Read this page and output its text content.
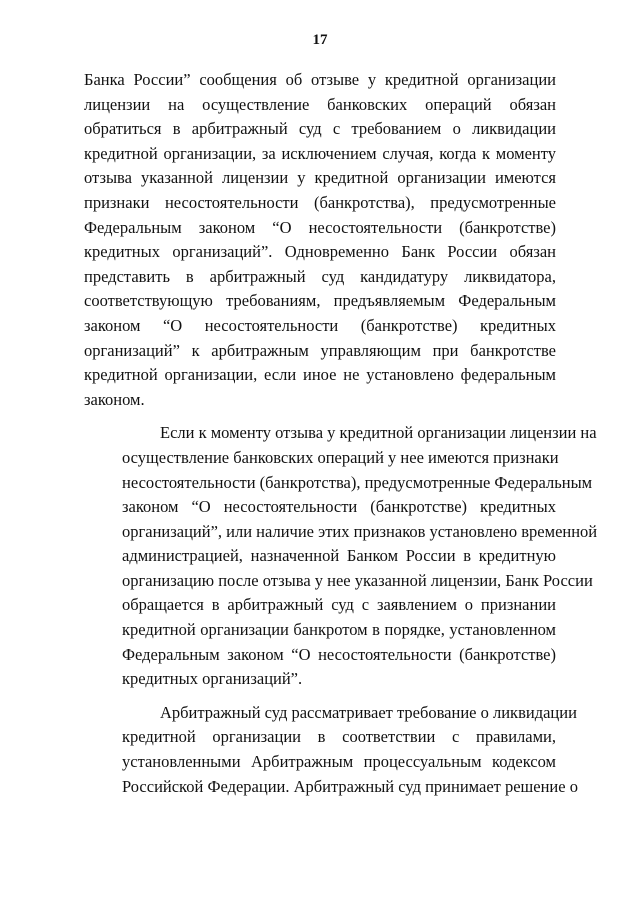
17
Банка России” сообщения об отзыве у кредитной организации
лицензии на осуществление банковских операций обязан
обратиться в арбитражный суд с требованием о ликвидации
кредитной организации, за исключением случая, когда к моменту
отзыва указанной лицензии у кредитной организации имеются
признаки несостоятельности (банкротства), предусмотренные
Федеральным законом “О несостоятельности (банкротстве)
кредитных организаций”. Одновременно Банк России обязан
представить в арбитражный суд кандидатуру ликвидатора,
соответствующую требованиям, предъявляемым Федеральным
законом “О несостоятельности (банкротстве) кредитных
организаций” к арбитражным управляющим при банкротстве
кредитной организации, если иное не установлено федеральным
законом.
Если к моменту отзыва у кредитной организации лицензии на
осуществление банковских операций у нее имеются признаки
несостоятельности (банкротства), предусмотренные Федеральным
законом “О несостоятельности (банкротстве) кредитных
организаций”, или наличие этих признаков установлено временной
администрацией, назначенной Банком России в кредитную
организацию после отзыва у нее указанной лицензии, Банк России
обращается в арбитражный суд с заявлением о признании
кредитной организации банкротом в порядке, установленном
Федеральным законом “О несостоятельности (банкротстве)
кредитных организаций”.
Арбитражный суд рассматривает требование о ликвидации
кредитной организации в соответствии с правилами,
установленными Арбитражным процессуальным кодексом
Российской Федерации. Арбитражный суд принимает решение о
